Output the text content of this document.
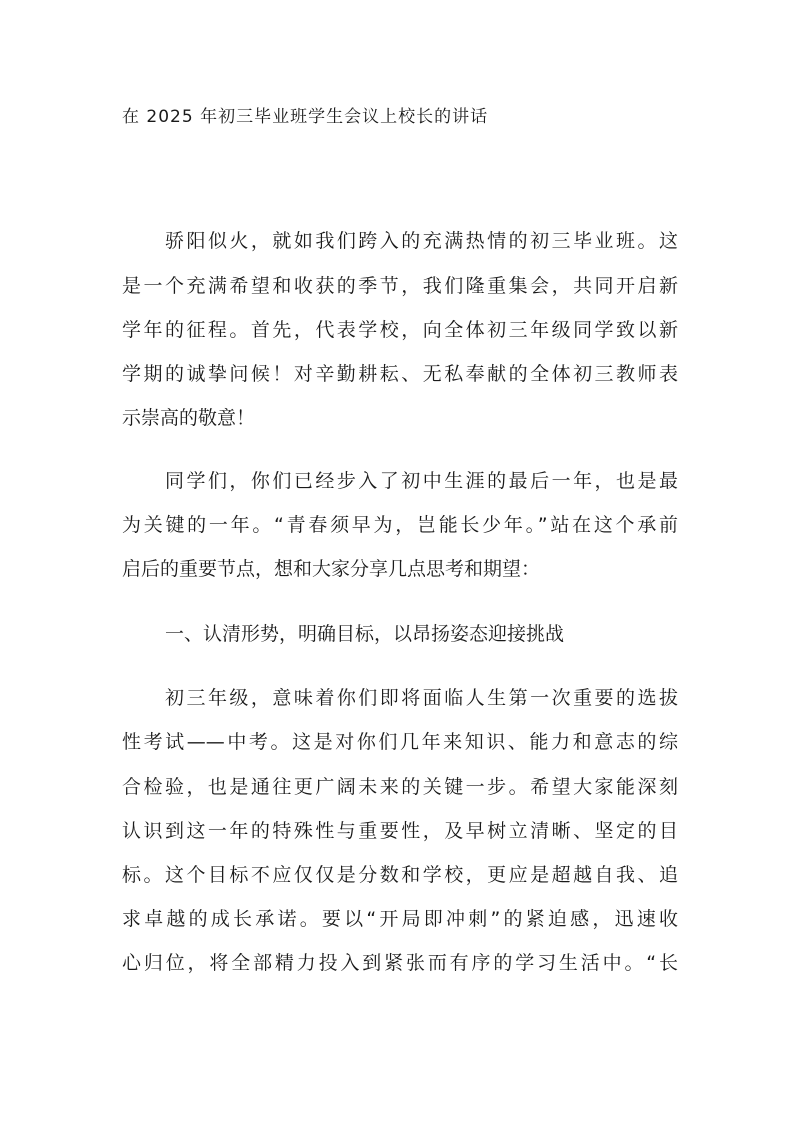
在 2025 年初三毕业班学生会议上校长的讲话
骄阳似火，就如我们跨入的充满热情的初三毕业班。这
是一个充满希望和收获的季节，我们隆重集会，共同开启新
学年的征程。首先，代表学校，向全体初三年级同学致以新
学期的诚挚问候！对辛勤耕耘、无私奉献的全体初三教师表
示崇高的敬意！
同学们，你们已经步入了初中生涯的最后一年，也是最
为关键的一年。“青春须早为，岂能长少年。”站在这个承前
启后的重要节点，想和大家分享几点思考和期望：
一、认清形势，明确目标，以昂扬姿态迎接挑战
初三年级，意味着你们即将面临人生第一次重要的选拔
性考试——中考。这是对你们几年来知识、能力和意志的综
合检验，也是通往更广阔未来的关键一步。希望大家能深刻
认识到这一年的特殊性与重要性，及早树立清晰、坚定的目
标。这个目标不应仅仅是分数和学校，更应是超越自我、追
求卓越的成长承诺。要以“开局即冲刺”的紧迫感，迅速收
心归位，将全部精力投入到紧张而有序的学习生活中。“长
